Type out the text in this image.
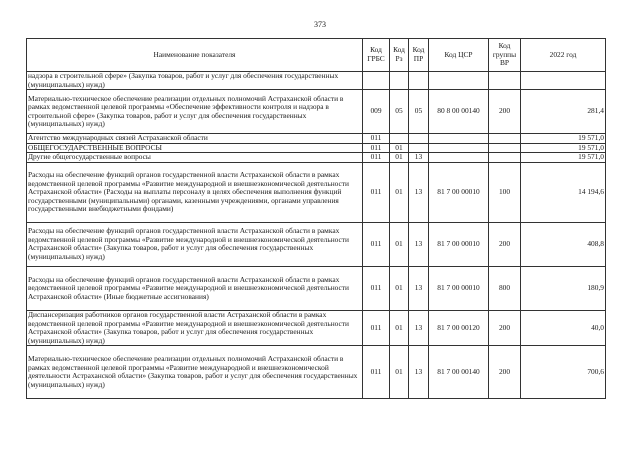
373
Наименование показателя	Код ГРБС	Код Рз	Код ПР	Код ЦСР	Код группы ВР	2022 год
надзора в строительной сфере» (Закупка товаров, работ и услуг для обеспечения государственных (муниципальных) нужд)						
Материально-техническое обеспечение реализации отдельных полномочий Астраханской области в рамках ведомственной целевой программы «Обеспечение эффективности контроля и надзора в строительной сфере» (Закупка товаров, работ и услуг для обеспечения государственных (муниципальных) нужд)	009	05	05	80 8 00 00140	200	281,4
Агентство международных связей Астраханской области	011					19 571,0
ОБЩЕГОСУДАРСТВЕННЫЕ ВОПРОСЫ	011	01				19 571,0
Другие общегосударственные вопросы	011	01	13			19 571,0
Расходы на обеспечение функций органов государственной власти Астраханской области в рамках ведомственной целевой программы «Развитие международной и внешнеэкономической деятельности Астраханской области» (Расходы на выплаты персоналу в целях обеспечения выполнения функций государственными (муниципальными) органами, казенными учреждениями, органами управления государственными внебюджетными фондами)	011	01	13	81 7 00 00010	100	14 194,6
Расходы на обеспечение функций органов государственной власти Астраханской области в рамках ведомственной целевой программы «Развитие международной и внешнеэкономической деятельности Астраханской области» (Закупка товаров, работ и услуг для обеспечения государственных (муниципальных) нужд)	011	01	13	81 7 00 00010	200	408,8
Расходы на обеспечение функций органов государственной власти Астраханской области в рамках ведомственной целевой программы «Развитие международной и внешнеэкономической деятельности Астраханской области» (Иные бюджетные ассигнования)	011	01	13	81 7 00 00010	800	180,9
Диспансеризация работников органов государственной власти Астраханской области в рамках ведомственной целевой программы «Развитие международной и внешнеэкономической деятельности Астраханской области» (Закупка товаров, работ и услуг для обеспечения государственных (муниципальных) нужд)	011	01	13	81 7 00 00120	200	40,0
Материально-техническое обеспечение реализации отдельных полномочий Астраханской области в рамках ведомственной целевой программы «Развитие международной и внешнеэкономической деятельности Астраханской области» (Закупка товаров, работ и услуг для обеспечения государственных (муниципальных) нужд)	011	01	13	81 7 00 00140	200	700,6
